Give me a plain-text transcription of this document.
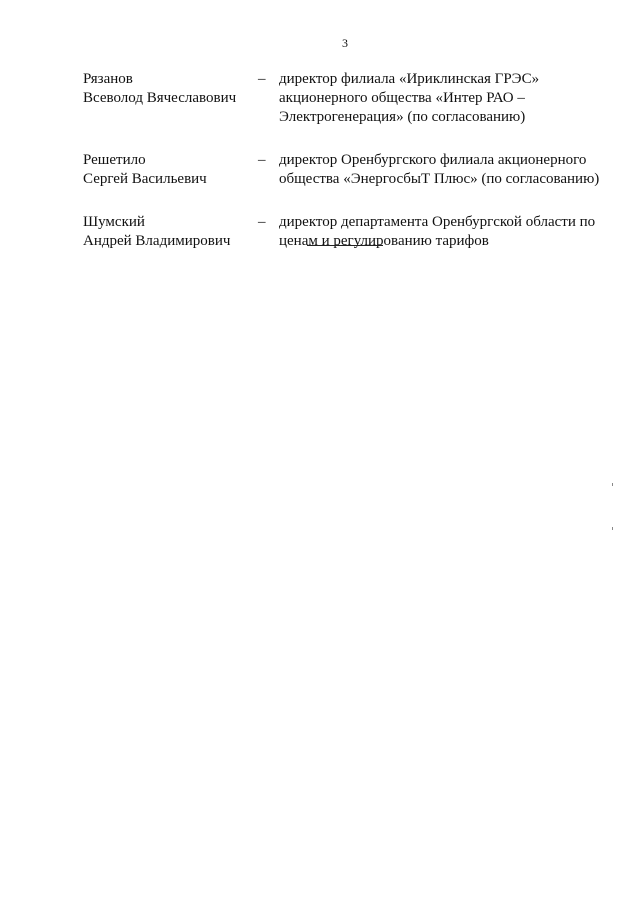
3
Рязанов
Всеволод Вячеславович
– директор филиала «Ириклинская ГРЭС»
акционерного общества «Интер РАО –
Электрогенерация» (по согласованию)
Решетило
Сергей Васильевич
– директор Оренбургского филиала акционерного
общества «ЭнергосбыТ Плюс» (по согласованию)
Шумский
Андрей Владимирович
– директор департамента Оренбургской области по
ценам и регулированию тарифов
